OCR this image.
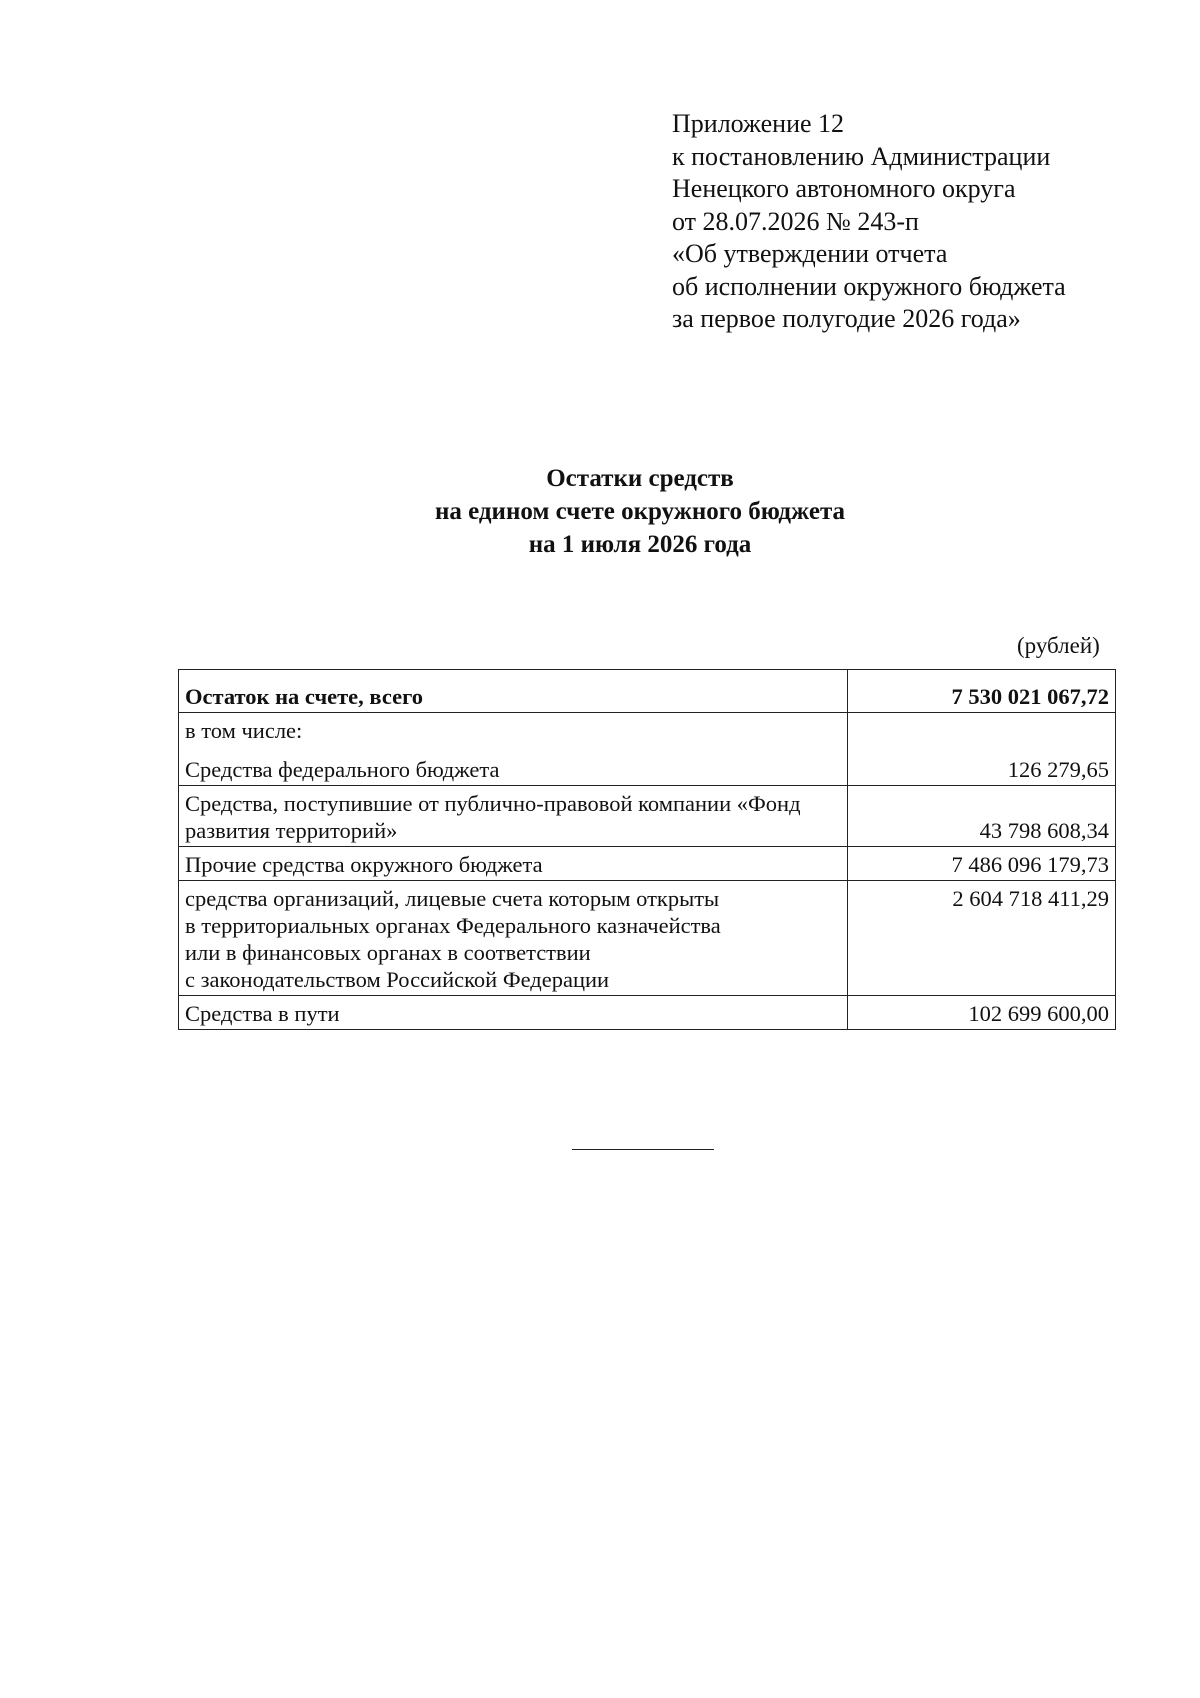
Приложение 12
к постановлению Администрации
Ненецкого автономного округа
от 28.07.2026 № 243-п
«Об утверждении отчета
об исполнении окружного бюджета
за первое полугодие 2026 года»
Остатки средств
на едином счете окружного бюджета
на 1 июля 2026 года
(рублей)
Остаток на счете, всего	7 530 021 067,72

в том числе:
Средства федерального бюджета	126 279,65

Средства, поступившие от публично-правовой компании «Фонд
развития территорий»	43 798 608,34
Прочие средства окружного бюджета	7 486 096 179,73

средства организаций, лицевые счета которым открыты
в территориальных органах Федерального казначейства
или в финансовых органах в соответствии
с законодательством Российской Федерации	2 604 718 411,29
Средства в пути	102 699 600,00
